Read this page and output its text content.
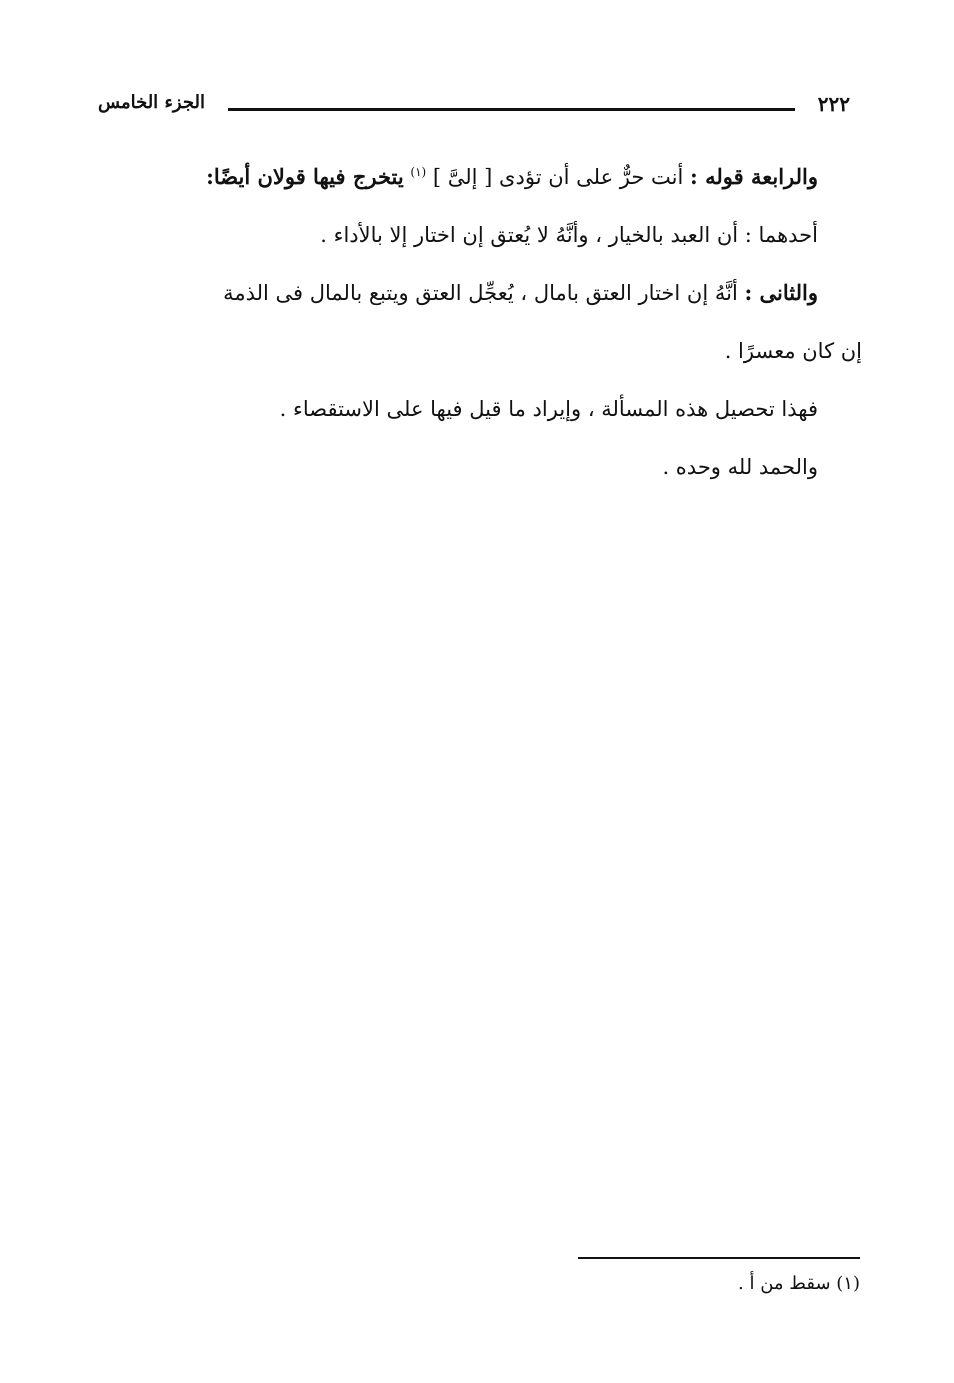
٢٢٢
الجزء الخامس

والرابعة قوله : أنت حرٌّ على أن تؤدى [ إلىَّ ] $^{(١)}$ يتخرج فيها قولان أيضًا:

أحدهما : أن العبد بالخيار ، وأنَّهُ لا يُعتق إن اختار إلا بالأداء .

والثانى : أنَّهُ إن اختار العتق بامال ، يُعجِّل العتق ويتبع بالمال فى الذمة

إن كان معسرًا .

فهذا تحصيل هذه المسألة ، وإيراد ما قيل فيها على الاستقصاء .

والحمد لله وحده .

(١) سقط من أ .
